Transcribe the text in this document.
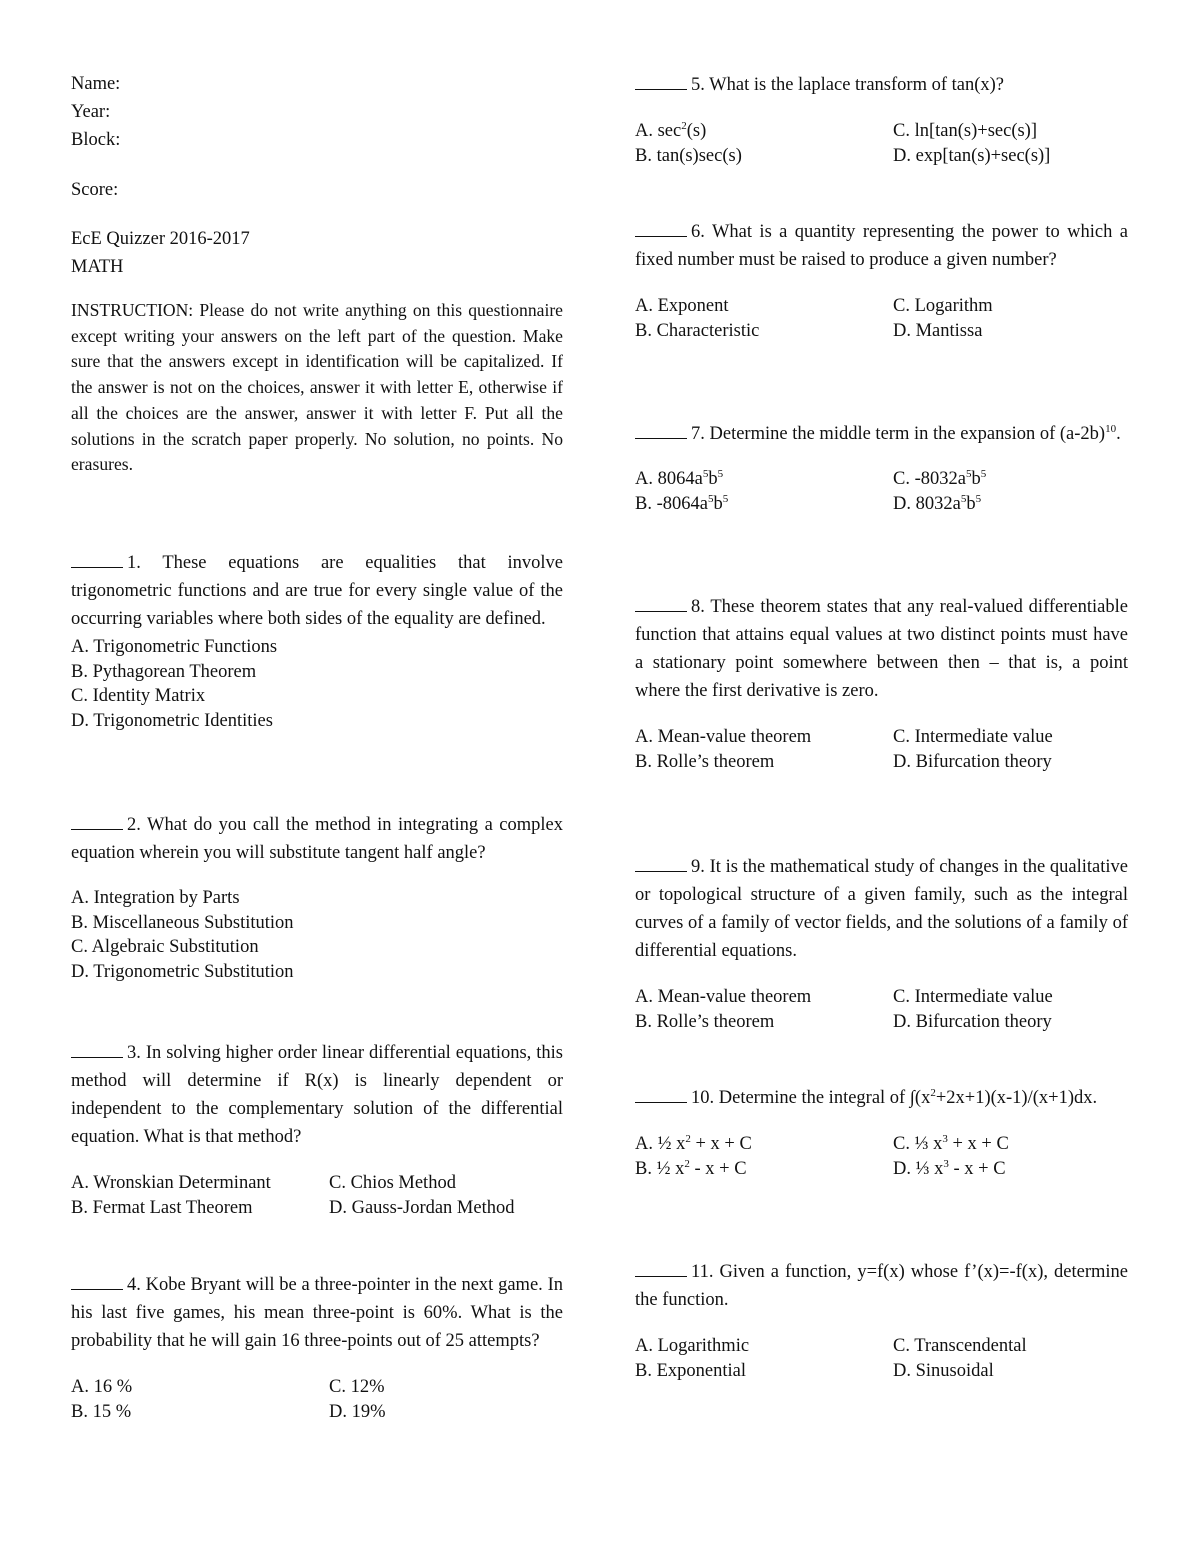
Name:
Year:
Block:
Score:
EcE Quizzer 2016-2017
MATH
INSTRUCTION: Please do not write anything on this questionnaire except writing your answers on the left part of the question. Make sure that the answers except in identification will be capitalized. If the answer is not on the choices, answer it with letter E, otherwise if all the choices are the answer, answer it with letter F. Put all the solutions in the scratch paper properly. No solution, no points. No erasures.
1. These equations are equalities that involve trigonometric functions and are true for every single value of the occurring variables where both sides of the equality are defined.
A. Trigonometric Functions
B. Pythagorean Theorem
C. Identity Matrix
D. Trigonometric Identities
2. What do you call the method in integrating a complex equation wherein you will substitute tangent half angle?
A. Integration by Parts
B. Miscellaneous Substitution
C. Algebraic Substitution
D. Trigonometric Substitution
3. In solving higher order linear differential equations, this method will determine if R(x) is linearly dependent or independent to the complementary solution of the differential equation. What is that method?
A. Wronskian Determinant	C. Chios Method
B. Fermat Last Theorem	D. Gauss-Jordan Method
4. Kobe Bryant will be a three-pointer in the next game. In his last five games, his mean three-point is 60%. What is the probability that he will gain 16 three-points out of 25 attempts?
A. 16 %	C. 12%
B. 15 %	D. 19%
5. What is the laplace transform of tan(x)?
A. $\sec^2(s)$	C. ln[tan(s)+sec(s)]
B. tan(s)sec(s)	D. exp[tan(s)+sec(s)]
6. What is a quantity representing the power to which a fixed number must be raised to produce a given number?
A. Exponent	C. Logarithm
B. Characteristic	D. Mantissa
7. Determine the middle term in the expansion of $(a-2b)^{10}$.
A. $8064a^5b^5$	C. $-8032a^5b^5$
B. $-8064a^5b^5$	D. $8032a^5b^5$
8. These theorem states that any real-valued differentiable function that attains equal values at two distinct points must have a stationary point somewhere between then – that is, a point where the first derivative is zero.
A. Mean-value theorem	C. Intermediate value
B. Rolle’s theorem	D. Bifurcation theory
9. It is the mathematical study of changes in the qualitative or topological structure of a given family, such as the integral curves of a family of vector fields, and the solutions of a family of differential equations.
A. Mean-value theorem	C. Intermediate value
B. Rolle’s theorem	D. Bifurcation theory
10. Determine the integral of $\int(x^2+2x+1)(x-1)/(x+1)dx$.
A. ½ $x^2 + x + C$	C. ⅓ $x^3 + x + C$
B. ½ $x^2 - x + C$	D. ⅓ $x^3 - x + C$
11. Given a function, y=f(x) whose f’(x)=-f(x), determine the function.
A. Logarithmic	C. Transcendental
B. Exponential	D. Sinusoidal
